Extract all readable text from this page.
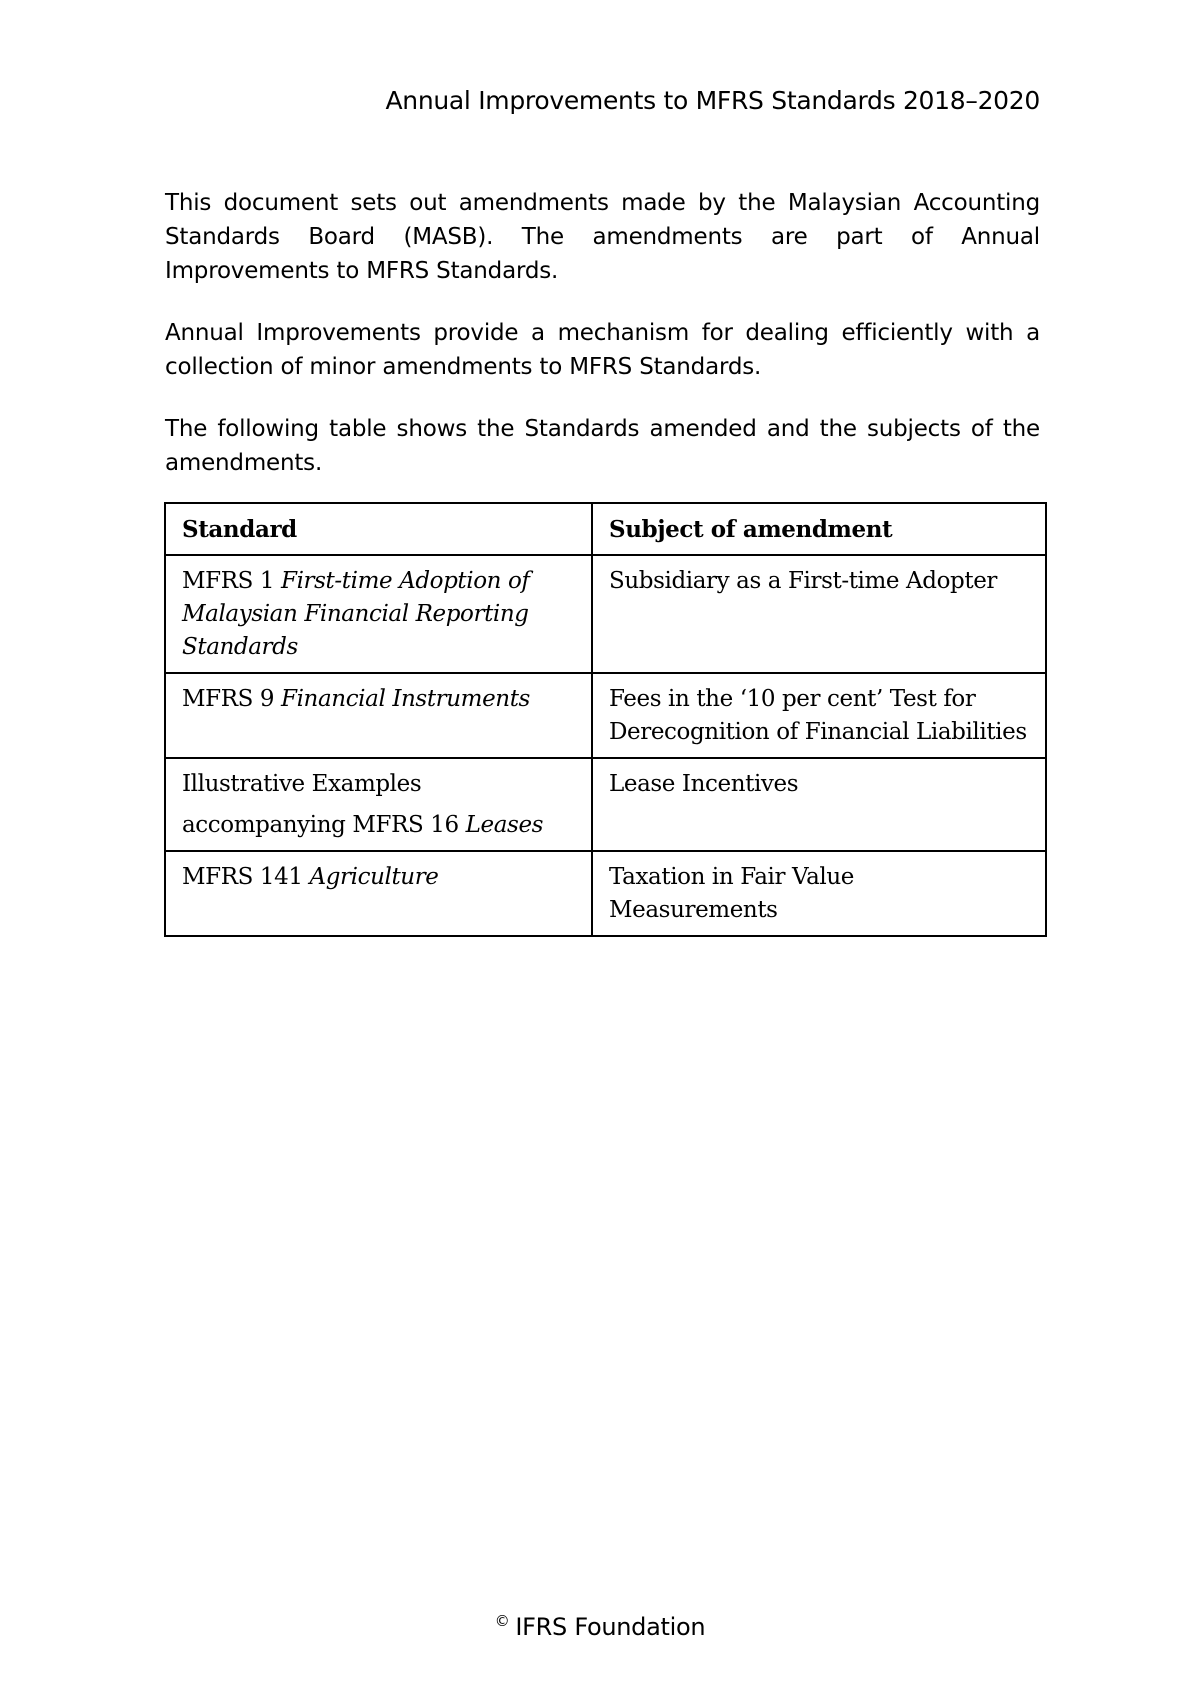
Annual Improvements to MFRS Standards 2018–2020

This document sets out amendments made by the Malaysian Accounting Standards Board (MASB). The amendments are part of Annual Improvements to MFRS Standards.

Annual Improvements provide a mechanism for dealing efficiently with a collection of minor amendments to MFRS Standards.

The following table shows the Standards amended and the subjects of the amendments.

Standard	Subject of amendment
MFRS 1 First-time Adoption of Malaysian Financial Reporting Standards	Subsidiary as a First-time Adopter
MFRS 9 Financial Instruments	Fees in the ‘10 per cent’ Test for Derecognition of Financial Liabilities
Illustrative Examples
accompanying MFRS 16 Leases	Lease Incentives
MFRS 141 Agriculture	Taxation in Fair Value Measurements
© IFRS Foundation
